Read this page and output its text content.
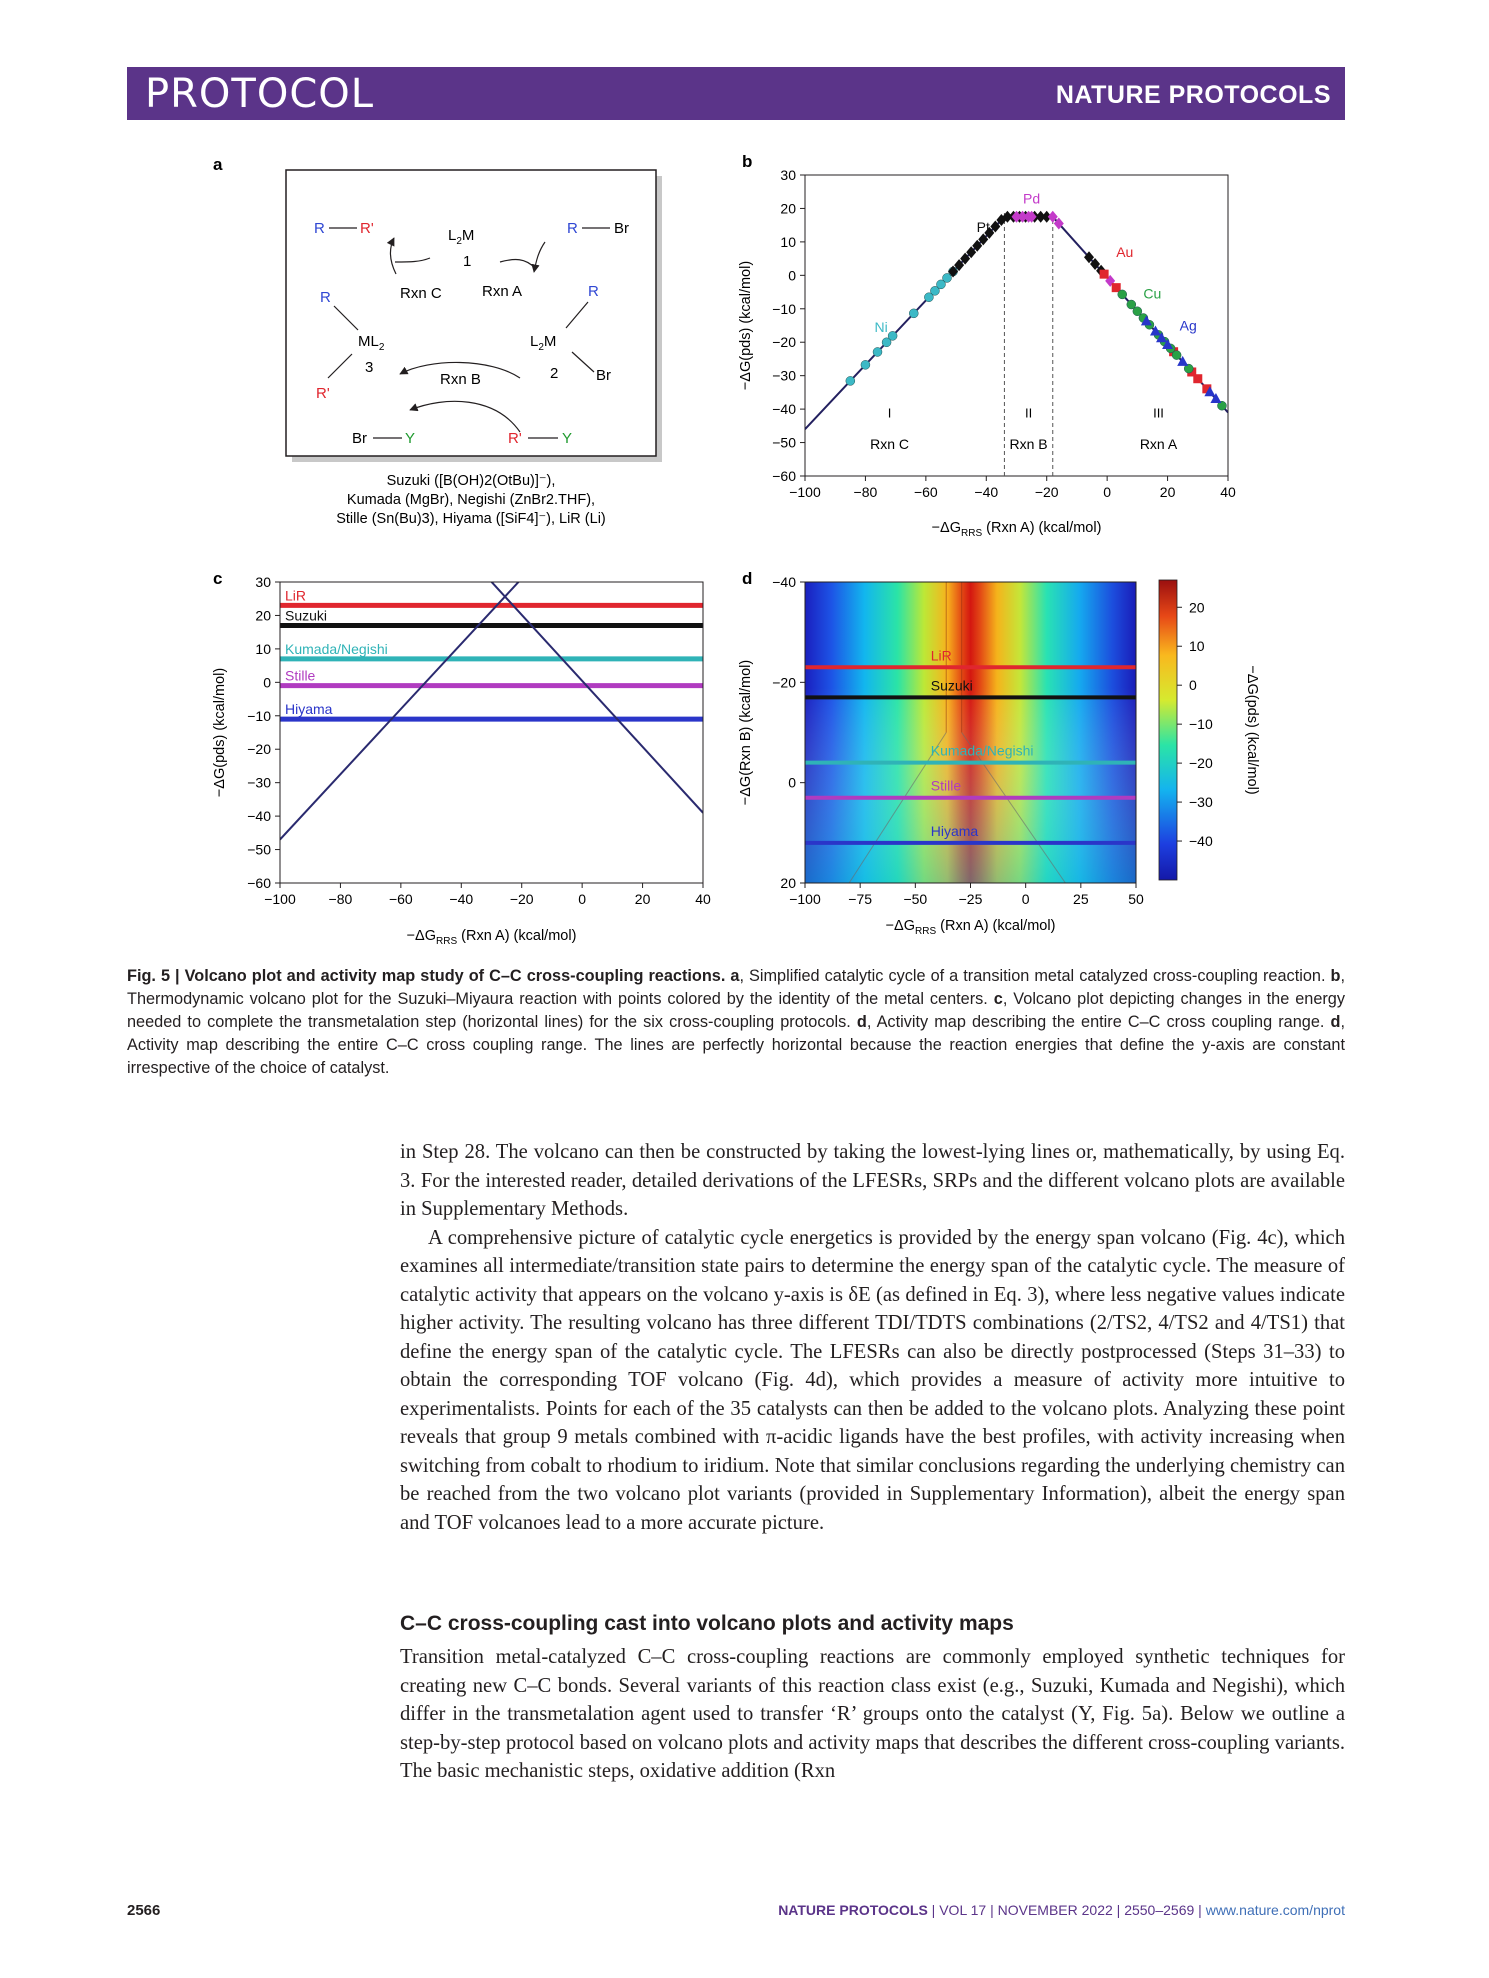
PROTOCOL	NATURE PROTOCOLS
a
R R'	R Br
$L_2M$
1
Rxn C	Rxn A
R	R
$ML_2$
3
$L_2M$
2
R'
Br
Rxn B
Br	Y	R'	Y
Suzuki ([B(OH)2(OtBu)]⁻),
Kumada (MgBr), Negishi (ZnBr2.THF),
Stille (Sn(Bu)3), Hiyama ([SiF4]⁻), LiR (Li)
b
−100 −80	−60	−40	−20	0	20	40
−60
−50
−40
−30
−20
−10
0
10
20
30
Pd
Pt
Au
Cu
Ag
Ni
I
Rxn C
II
Rxn B
III
Rxn A
$-\Delta G_{RRS}$ (Rxn A) (kcal/mol)
−ΔG(pds) (kcal/mol)
c
LiR
Suzuki
Kumada/Negishi
Stille
Hiyama
−100 −80	−60	−40	−20	0	20	40
−60
−50
−40
−30
−20
−10
0
10
20
30
$-\Delta G_{RRS}$ (Rxn A) (kcal/mol)
−ΔG(pds) (kcal/mol)
d
LiR
Suzuki
Kumada/Negishi
Stille
Hiyama
−100 −75 −50 −25	0	25	50
−40
−20
0
20
$-\Delta G_{RRS}$ (Rxn A) (kcal/mol)
−ΔG(Rxn B) (kcal/mol)
20
10
0
−10
−20
−30
−40
−ΔG(pds) (kcal/mol)
Fig. 5 | Volcano plot and activity map study of C–C cross-coupling reactions. a, Simplified catalytic cycle of a transition metal catalyzed cross-coupling reaction. b, Thermodynamic volcano plot for the Suzuki–Miyaura reaction with points colored by the identity of the metal centers. c, Volcano plot depicting changes in the energy needed to complete the transmetalation step (horizontal lines) for the six cross-coupling protocols. d, Activity map describing the entire C–C cross coupling range. d, Activity map describing the entire C–C cross coupling range. The lines are perfectly horizontal because the reaction energies that define the y-axis are constant irrespective of the choice of catalyst.

in Step 28. The volcano can then be constructed by taking the lowest-lying lines or, mathematically, by using Eq. 3. For the interested reader, detailed derivations of the LFESRs, SRPs and the different volcano plots are available in Supplementary Methods.

A comprehensive picture of catalytic cycle energetics is provided by the energy span volcano (Fig. 4c), which examines all intermediate/transition state pairs to determine the energy span of the catalytic cycle. The measure of catalytic activity that appears on the volcano y-axis is δE (as defined in Eq. 3), where less negative values indicate higher activity. The resulting volcano has three different TDI/TDTS combinations (2/TS2, 4/TS2 and 4/TS1) that define the energy span of the catalytic cycle. The LFESRs can also be directly postprocessed (Steps 31–33) to obtain the corresponding TOF volcano (Fig. 4d), which provides a measure of activity more intuitive to experimentalists. Points for each of the 35 catalysts can then be added to the volcano plots. Analyzing these point reveals that group 9 metals combined with π-acidic ligands have the best profiles, with activity increasing when switching from cobalt to rhodium to iridium. Note that similar conclusions regarding the underlying chemistry can be reached from the two volcano plot variants (provided in Supplementary Information), albeit the energy span and TOF volcanoes lead to a more accurate picture.

C–C cross-coupling cast into volcano plots and activity maps

Transition metal-catalyzed C–C cross-coupling reactions are commonly employed synthetic techniques for creating new C–C bonds. Several variants of this reaction class exist (e.g., Suzuki, Kumada and Negishi), which differ in the transmetalation agent used to transfer ‘R’ groups onto the catalyst (Y, Fig. 5a). Below we outline a step-by-step protocol based on volcano plots and activity maps that describes the different cross-coupling variants. The basic mechanistic steps, oxidative addition (Rxn

2566	NATURE PROTOCOLS | VOL 17 | NOVEMBER 2022 | 2550–2569 | www.nature.com/nprot
